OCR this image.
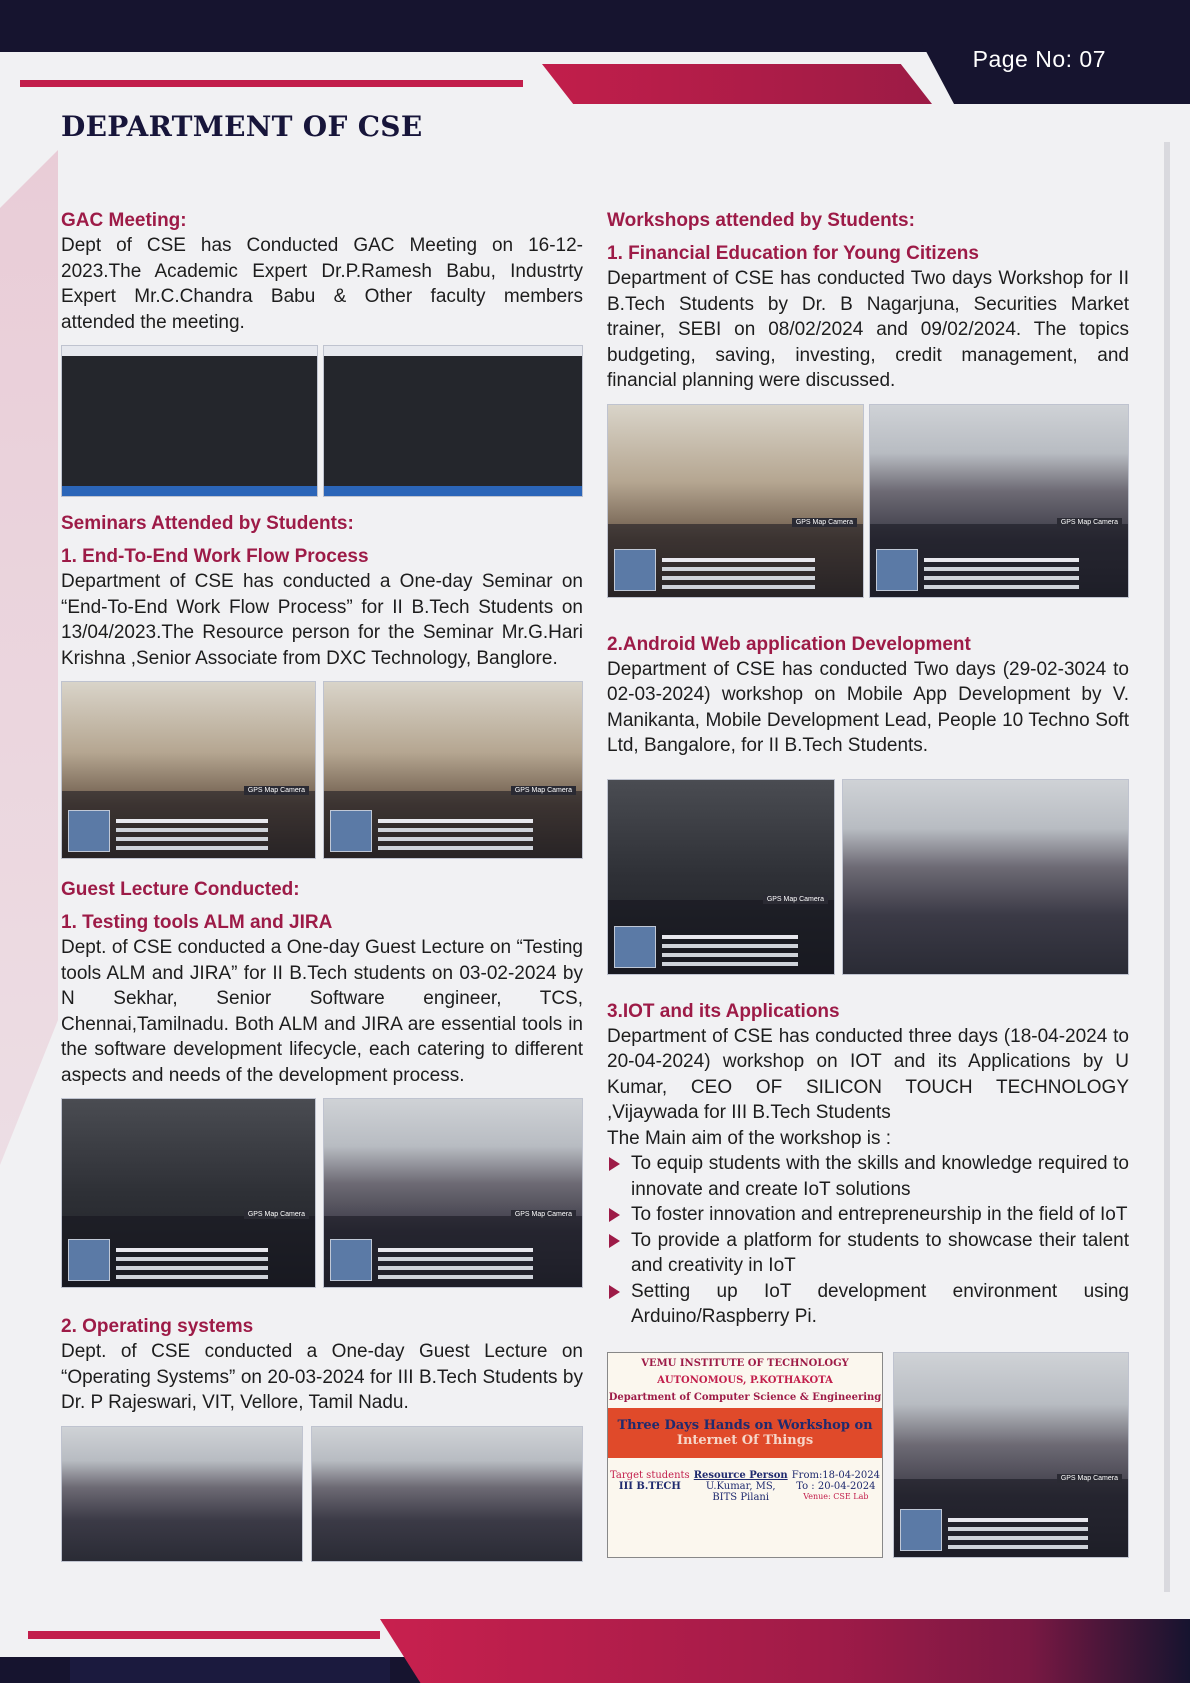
Page No: 07
DEPARTMENT OF CSE
GAC Meeting:

Dept of CSE has Conducted GAC Meeting on 16-12-2023.The Academic Expert Dr.P.Ramesh Babu, Industrty Expert Mr.C.Chandra Babu & Other faculty members attended the meeting.

Seminars Attended by Students:
1. End-To-End Work Flow Process

Department of CSE has conducted a One-day Seminar on “End-To-End Work Flow Process” for II B.Tech Students on 13/04/2023.The Resource person for the Seminar Mr.G.Hari Krishna ,Senior Associate from DXC Technology, Banglore.

GPS Map Camera	GPS Map Camera
Guest Lecture Conducted:
1. Testing tools ALM and JIRA

Dept. of CSE conducted a One-day Guest Lecture on “Testing tools ALM and JIRA” for II B.Tech students on 03-02-2024 by N Sekhar, Senior Software engineer, TCS, Chennai,Tamilnadu. Both ALM and JIRA are essential tools in the software development lifecycle, each catering to different aspects and needs of the development process.

GPS Map Camera	GPS Map Camera
2. Operating systems

Dept. of CSE conducted a One-day Guest Lecture on “Operating Systems” on 20-03-2024 for III B.Tech Students by Dr. P Rajeswari, VIT, Vellore, Tamil Nadu.

Workshops attended by Students:
1. Financial Education for Young Citizens

Department of CSE has conducted Two days Workshop for II B.Tech Students by Dr. B Nagarjuna, Securities Market trainer, SEBI on 08/02/2024 and 09/02/2024. The topics budgeting, saving, investing, credit management, and financial planning were discussed.

GPS Map Camera	GPS Map Camera
2.Android Web application Development

Department of CSE has conducted Two days (29-02-3024 to 02-03-2024) workshop on Mobile App Development by V. Manikanta, Mobile Development Lead, People 10 Techno Soft Ltd, Bangalore, for II B.Tech Students.

GPS Map Camera
3.IOT and its Applications

Department of CSE has conducted three days (18-04-2024 to 20-04-2024) workshop on IOT and its Applications by U Kumar, CEO OF SILICON TOUCH TECHNOLOGY ,Vijaywada for III B.Tech Students

The Main aim of the workshop is :

To equip students with the skills and knowledge required to innovate and create IoT solutions
To foster innovation and entrepreneurship in the field of IoT
To provide a platform for students to showcase their talent and creativity in IoT
Setting up IoT development environment using Arduino/Raspberry Pi.
VEMU INSTITUTE OF TECHNOLOGY
AUTONOMOUS, P.KOTHAKOTA
Department of Computer Science & Engineering
Three Days Hands on Workshop on
Internet Of Things
Target students
III B.TECH
Resource Person
U.Kumar, MS,
BITS Pilani
From:18-04-2024
To : 20-04-2024
Venue: CSE Lab
GPS Map Camera
